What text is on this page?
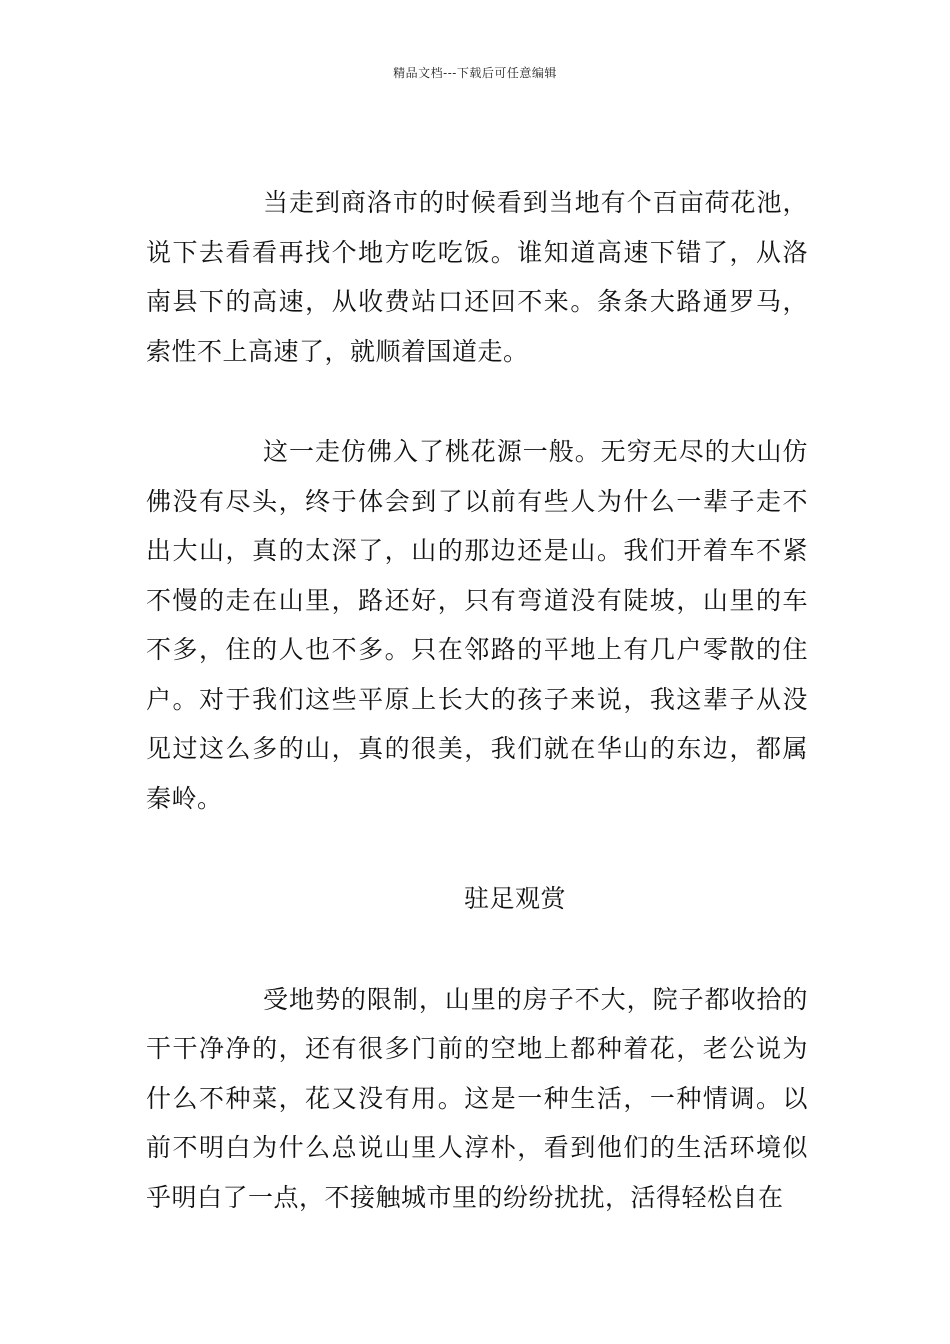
精品文档---下载后可任意编辑

当走到商洛市的时候看到当地有个百亩荷花池，说下去看看再找个地方吃吃饭。谁知道高速下错了，从洛南县下的高速，从收费站口还回不来。条条大路通罗马，索性不上高速了，就顺着国道走。

这一走仿佛入了桃花源一般。无穷无尽的大山仿佛没有尽头，终于体会到了以前有些人为什么一辈子走不出大山，真的太深了，山的那边还是山。我们开着车不紧不慢的走在山里，路还好，只有弯道没有陡坡，山里的车不多，住的人也不多。只在邻路的平地上有几户零散的住户。对于我们这些平原上长大的孩子来说，我这辈子从没见过这么多的山，真的很美，我们就在华山的东边，都属秦岭。

驻足观赏

受地势的限制，山里的房子不大，院子都收拾的干干净净的，还有很多门前的空地上都种着花，老公说为什么不种菜，花又没有用。这是一种生活，一种情调。以前不明白为什么总说山里人淳朴，看到他们的生活环境似乎明白了一点，不接触城市里的纷纷扰扰，活得轻松自在
